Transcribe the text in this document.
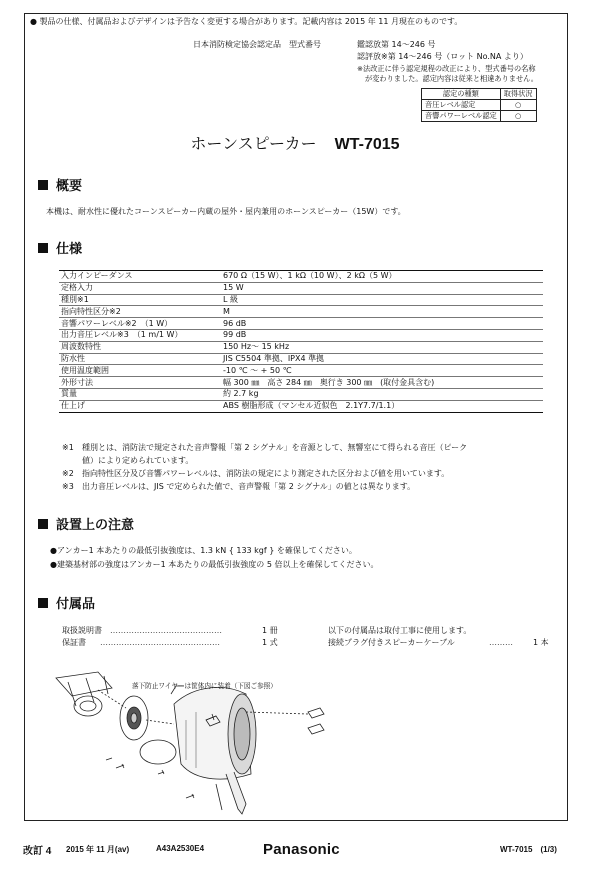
● 製品の仕様、付属品およびデザインは予告なく変更する場合があります。記載内容は 2015 年 11 月現在のものです。
日本消防検定協会認定品　型式番号	鑑認放第 14〜246 号
認評放※第 14〜246 号（ロット No.NA より）
※法改正に伴う認定規程の改正により、型式番号の名称
が変わりました。認定内容は従来と相違ありません。
認定の種類	取得状況
音圧レベル認定	○
音響パワーレベル認定	○
ホーンスピーカー WT-7015
概要
本機は、耐水性に優れたコーンスピーカー内蔵の屋外・屋内兼用のホーンスピーカー（15W）です。
仕様
入力インピーダンス	670 Ω（15 W）、1 kΩ（10 W）、2 kΩ（5 W）
定格入力	15 W
種別※1	L 級
指向特性区分※2	M
音響パワーレベル※2　（1 W）	96 dB
出力音圧レベル※3　（1 m/1 W）	99 dB
周波数特性	150 Hz〜 15 kHz
防水性	JIS C5504 準拠、IPX4 準拠
使用温度範囲	-10 ℃ 〜 + 50 ℃
外形寸法	幅 300 ㎜　高さ 284 ㎜　奥行き 300 ㎜　(取付金具含む)
質量	約 2.7 kg
仕上げ	ABS 樹脂形成（マンセル近似色　2.1Y7.7/1.1）
※1 種別とは、消防法で規定された音声警報「第 2 シグナル」を音源として、無響室にて得られる音圧（ピーク
値）により定められています。
※2 指向特性区分及び音響パワーレベルは、消防法の規定により測定された区分および値を用いています。
※3 出力音圧レベルは、JIS で定められた値で、音声警報「第 2 シグナル」の値とは異なります。
設置上の注意
●アンカー1 本あたりの最低引抜強度は、1.3 kN { 133 kgf } を確保してください。
●建築基材部の強度はアンカー1 本あたりの最低引抜強度の 5 倍以上を確保してください。
付属品
取扱説明書 ……………………………………	1 冊
保証書 ………………………………………	1 式
以下の付属品は取付工事に使用します。
接続プラグ付きスピーカーケーブル	………	1 本
落下防止ワイヤーは筐体内に装着（下図ご参照）
改訂 4 2015 年 11 月(av)	A43A2530E4	Panasonic	WT-7015　(1/3)
